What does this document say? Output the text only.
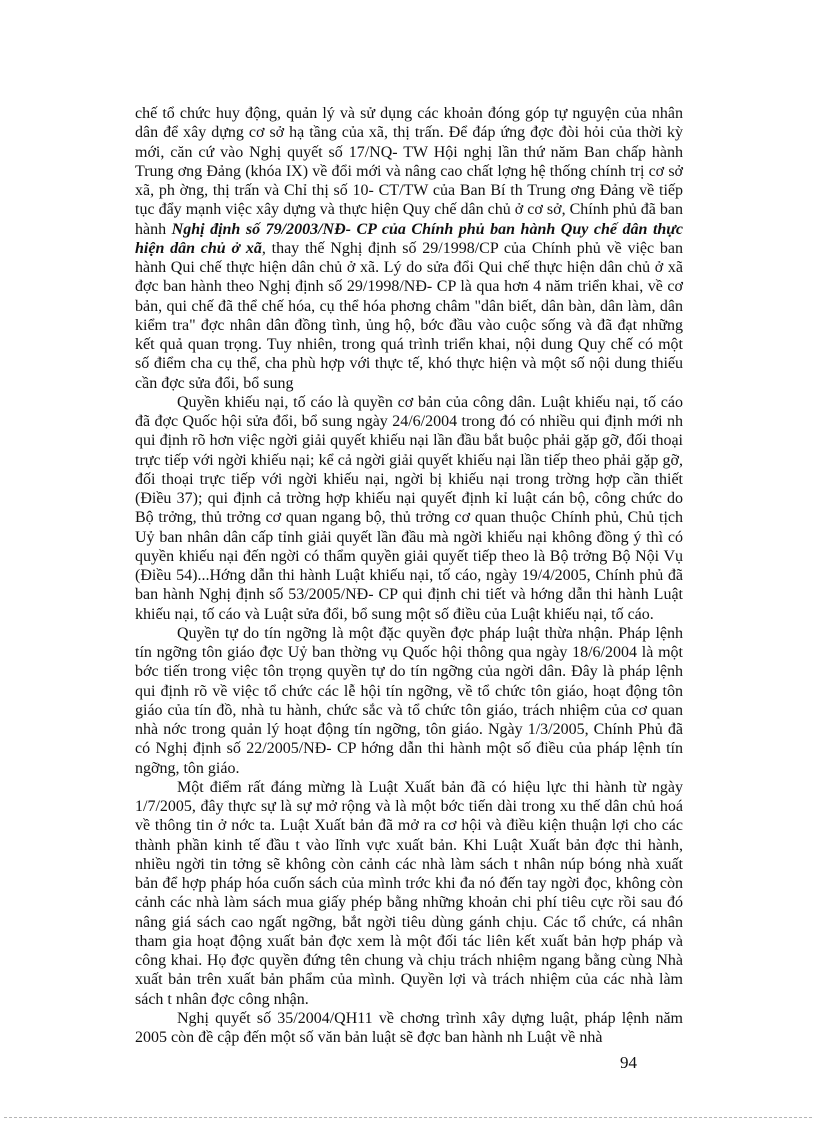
chế tổ chức huy động, quản lý và sử dụng các khoản đóng góp tự nguyện của nhân dân để xây dựng cơ sở hạ tầng của xã, thị trấn. Để đáp ứng đợc đòi hỏi của thời kỳ mới, căn cứ vào Nghị quyết số 17/NQ- TW Hội nghị lần thứ năm Ban chấp hành Trung ơng Đảng (khóa IX) về đổi mới và nâng cao chất lợng hệ thống chính trị cơ sở xã, ph ờng, thị trấn và Chỉ thị số 10- CT/TW của Ban Bí th Trung ơng Đảng về tiếp tục đẩy mạnh việc xây dựng và thực hiện Quy chế dân chủ ở cơ sở, Chính phủ đã ban hành Nghị định số 79/2003/NĐ- CP của Chính phủ ban hành Quy chế dân thực hiện dân chủ ở xã, thay thế Nghị định số 29/1998/CP của Chính phủ về việc ban hành Qui chế thực hiện dân chủ ở xã. Lý do sửa đổi Qui chế thực hiện dân chủ ở xã đợc ban hành theo Nghị định số 29/1998/NĐ- CP là qua hơn 4 năm triển khai, về cơ bản, qui chế đã thể chế hóa, cụ thể hóa phơng châm "dân biết, dân bàn, dân làm, dân kiểm tra" đợc nhân dân đồng tình, ủng hộ, bớc đầu vào cuộc sống và đã đạt những kết quả quan trọng. Tuy nhiên, trong quá trình triển khai, nội dung Quy chế có một số điểm cha cụ thể, cha phù hợp với thực tế, khó thực hiện và một số nội dung thiếu cần đợc sửa đổi, bổ sung

Quyền khiếu nại, tố cáo là quyền cơ bản của công dân. Luật khiếu nại, tố cáo đã đợc Quốc hội sửa đổi, bổ sung ngày 24/6/2004 trong đó có nhiều qui định mới nh qui định rõ hơn việc ngời giải quyết khiếu nại lần đầu bắt buộc phải gặp gỡ, đối thoại trực tiếp với ngời khiếu nại; kể cả ngời giải quyết khiếu nại lần tiếp theo phải gặp gỡ, đối thoại trực tiếp với ngời khiếu nại, ngời bị khiếu nại trong trờng hợp cần thiết (Điều 37); qui định cả trờng hợp khiếu nại quyết định kỉ luật cán bộ, công chức do Bộ trởng, thủ trởng cơ quan ngang bộ, thủ trởng cơ quan thuộc Chính phủ, Chủ tịch Uỷ ban nhân dân cấp tỉnh giải quyết lần đầu mà ngời khiếu nại không đồng ý thì có quyền khiếu nại đến ngời có thẩm quyền giải quyết tiếp theo là Bộ trởng Bộ Nội Vụ (Điều 54)...Hớng dẫn thi hành Luật khiếu nại, tố cáo, ngày 19/4/2005, Chính phủ đã ban hành Nghị định số 53/2005/NĐ- CP qui định chi tiết và hớng dẫn thi hành Luật khiếu nại, tố cáo và Luật sửa đổi, bổ sung một số điều của Luật khiếu nại, tố cáo.

Quyền tự do tín ngỡng là một đặc quyền đợc pháp luật thừa nhận. Pháp lệnh tín ngỡng tôn giáo đợc Uỷ ban thờng vụ Quốc hội thông qua ngày 18/6/2004 là một bớc tiến trong việc tôn trọng quyền tự do tín ngỡng của ngời dân. Đây là pháp lệnh qui định rõ về việc tổ chức các lễ hội tín ngỡng, về tổ chức tôn giáo, hoạt động tôn giáo của tín đồ, nhà tu hành, chức sắc và tổ chức tôn giáo, trách nhiệm của cơ quan nhà nớc trong quản lý hoạt động tín ngỡng, tôn giáo. Ngày 1/3/2005, Chính Phủ đã có Nghị định số 22/2005/NĐ- CP hớng dẫn thi hành một số điều của pháp lệnh tín ngỡng, tôn giáo.

Một điểm rất đáng mừng là Luật Xuất bản đã có hiệu lực thi hành từ ngày 1/7/2005, đây thực sự là sự mở rộng và là một bớc tiến dài trong xu thế dân chủ hoá về thông tin ở nớc ta. Luật Xuất bản đã mở ra cơ hội và điều kiện thuận lợi cho các thành phần kinh tế đầu t vào lĩnh vực xuất bản. Khi Luật Xuất bản đợc thi hành, nhiều ngời tin tởng sẽ không còn cảnh các nhà làm sách t nhân núp bóng nhà xuất bản để hợp pháp hóa cuốn sách của mình trớc khi đa nó đến tay ngời đọc, không còn cảnh các nhà làm sách mua giấy phép bằng những khoản chi phí tiêu cực rồi sau đó nâng giá sách cao ngất ngỡng, bắt ngời tiêu dùng gánh chịu. Các tổ chức, cá nhân tham gia hoạt động xuất bản đợc xem là một đối tác liên kết xuất bản hợp pháp và công khai. Họ đợc quyền đứng tên chung và chịu trách nhiệm ngang bằng cùng Nhà xuất bản trên xuất bản phẩm của mình. Quyền lợi và trách nhiệm của các nhà làm sách t nhân đợc công nhận.

Nghị quyết số 35/2004/QH11 về chơng trình xây dựng luật, pháp lệnh năm 2005 còn đề cập đến một số văn bản luật sẽ đợc ban hành nh Luật về nhà

94
